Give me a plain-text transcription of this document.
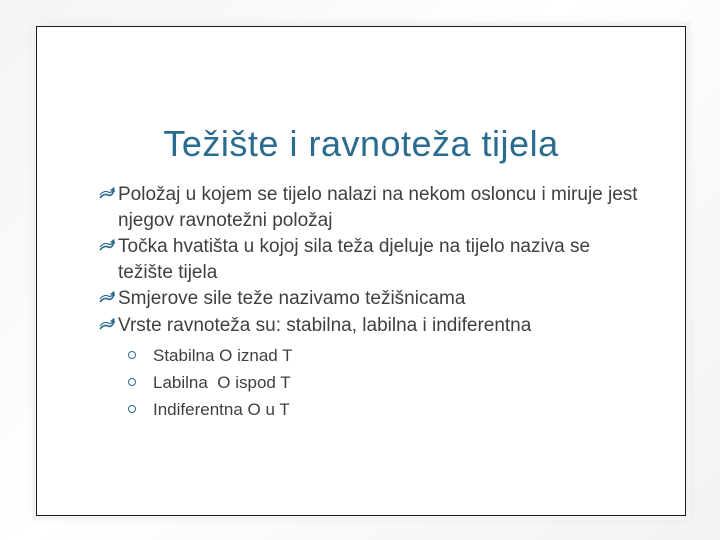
Težište i ravnoteža tijela
Položaj u kojem se tijelo nalazi na nekom osloncu i miruje jest njegov ravnotežni položaj
Točka hvatišta u kojoj sila teža djeluje na tijelo naziva se težište tijela
Smjerove sile teže nazivamo težišnicama
Vrste ravnoteža su: stabilna, labilna i indiferentna
Stabilna O iznad T
Labilna  O ispod T
Indiferentna O u T
